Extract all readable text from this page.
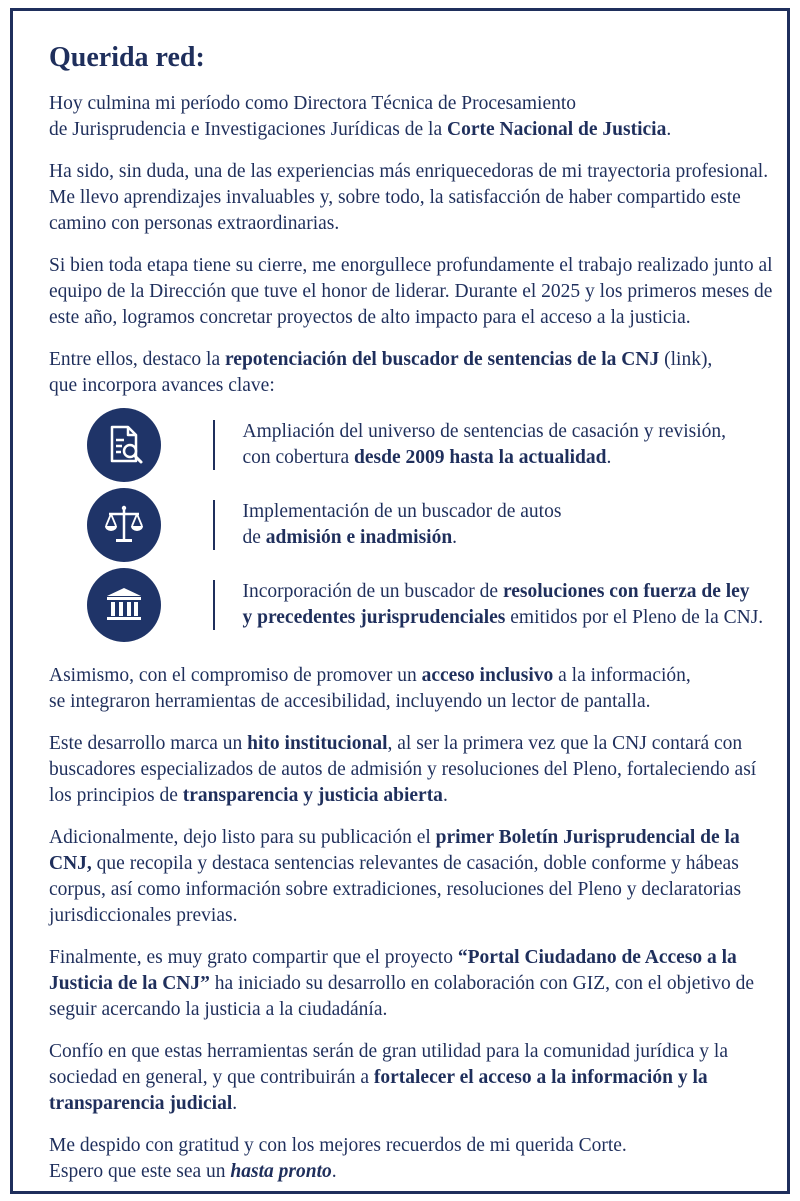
Querida red:

Hoy culmina mi período como Directora Técnica de Procesamiento
de Jurisprudencia e Investigaciones Jurídicas de la Corte Nacional de Justicia.

Ha sido, sin duda, una de las experiencias más enriquecedoras de mi trayectoria profesional. Me llevo aprendizajes invaluables y, sobre todo, la satisfacción de haber compartido este camino con personas extraordinarias.

Si bien toda etapa tiene su cierre, me enorgullece profundamente el trabajo realizado junto al equipo de la Dirección que tuve el honor de liderar. Durante el 2025 y los primeros meses de este año, logramos concretar proyectos de alto impacto para el acceso a la justicia.

Entre ellos, destaco la repotenciación del buscador de sentencias de la CNJ (link),
que incorpora avances clave:

Ampliación del universo de sentencias de casación y revisión,
con cobertura desde 2009 hasta la actualidad.
Implementación de un buscador de autos
de admisión e inadmisión.
Incorporación de un buscador de resoluciones con fuerza de ley
y precedentes jurisprudenciales emitidos por el Pleno de la CNJ.

Asimismo, con el compromiso de promover un acceso inclusivo a la información,
se integraron herramientas de accesibilidad, incluyendo un lector de pantalla.

Este desarrollo marca un hito institucional, al ser la primera vez que la CNJ contará con buscadores especializados de autos de admisión y resoluciones del Pleno, fortaleciendo así los principios de transparencia y justicia abierta.

Adicionalmente, dejo listo para su publicación el primer Boletín Jurisprudencial de la CNJ, que recopila y destaca sentencias relevantes de casación, doble conforme y hábeas corpus, así como información sobre extradiciones, resoluciones del Pleno y declaratorias jurisdiccionales previas.

Finalmente, es muy grato compartir que el proyecto “Portal Ciudadano de Acceso a la Justicia de la CNJ” ha iniciado su desarrollo en colaboración con GIZ, con el objetivo de seguir acercando la justicia a la ciudadánía.

Confío en que estas herramientas serán de gran utilidad para la comunidad jurídica y la sociedad en general, y que contribuirán a fortalecer el acceso a la información y la transparencia judicial.

Me despido con gratitud y con los mejores recuerdos de mi querida Corte.
Espero que este sea un hasta pronto.
